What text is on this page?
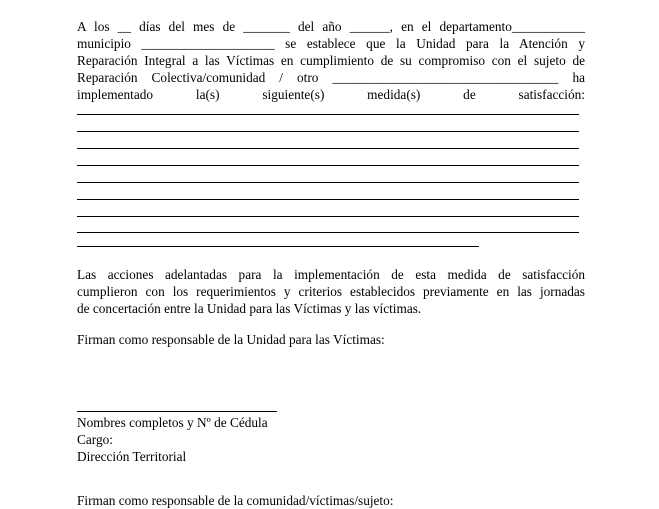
A los __ días del mes de _______ del año ______, en el departamento___________
municipio ____________________ se establece que la Unidad para la Atención y
Reparación Integral a las Víctimas en cumplimiento de su compromiso con el sujeto de
Reparación Colectiva/comunidad / otro __________________________________ ha
implementado la(s) siguiente(s) medida(s) de satisfacción:
Las acciones adelantadas para la implementación de esta medida de satisfacción
cumplieron con los requerimientos y criterios establecidos previamente en las jornadas
de concertación entre la Unidad para las Víctimas y las víctimas.
Firman como responsable de la Unidad para las Víctimas:
Nombres completos y Nº de Cédula
Cargo:
Dirección Territorial
Firman como responsable de la comunidad/víctimas/sujeto:
